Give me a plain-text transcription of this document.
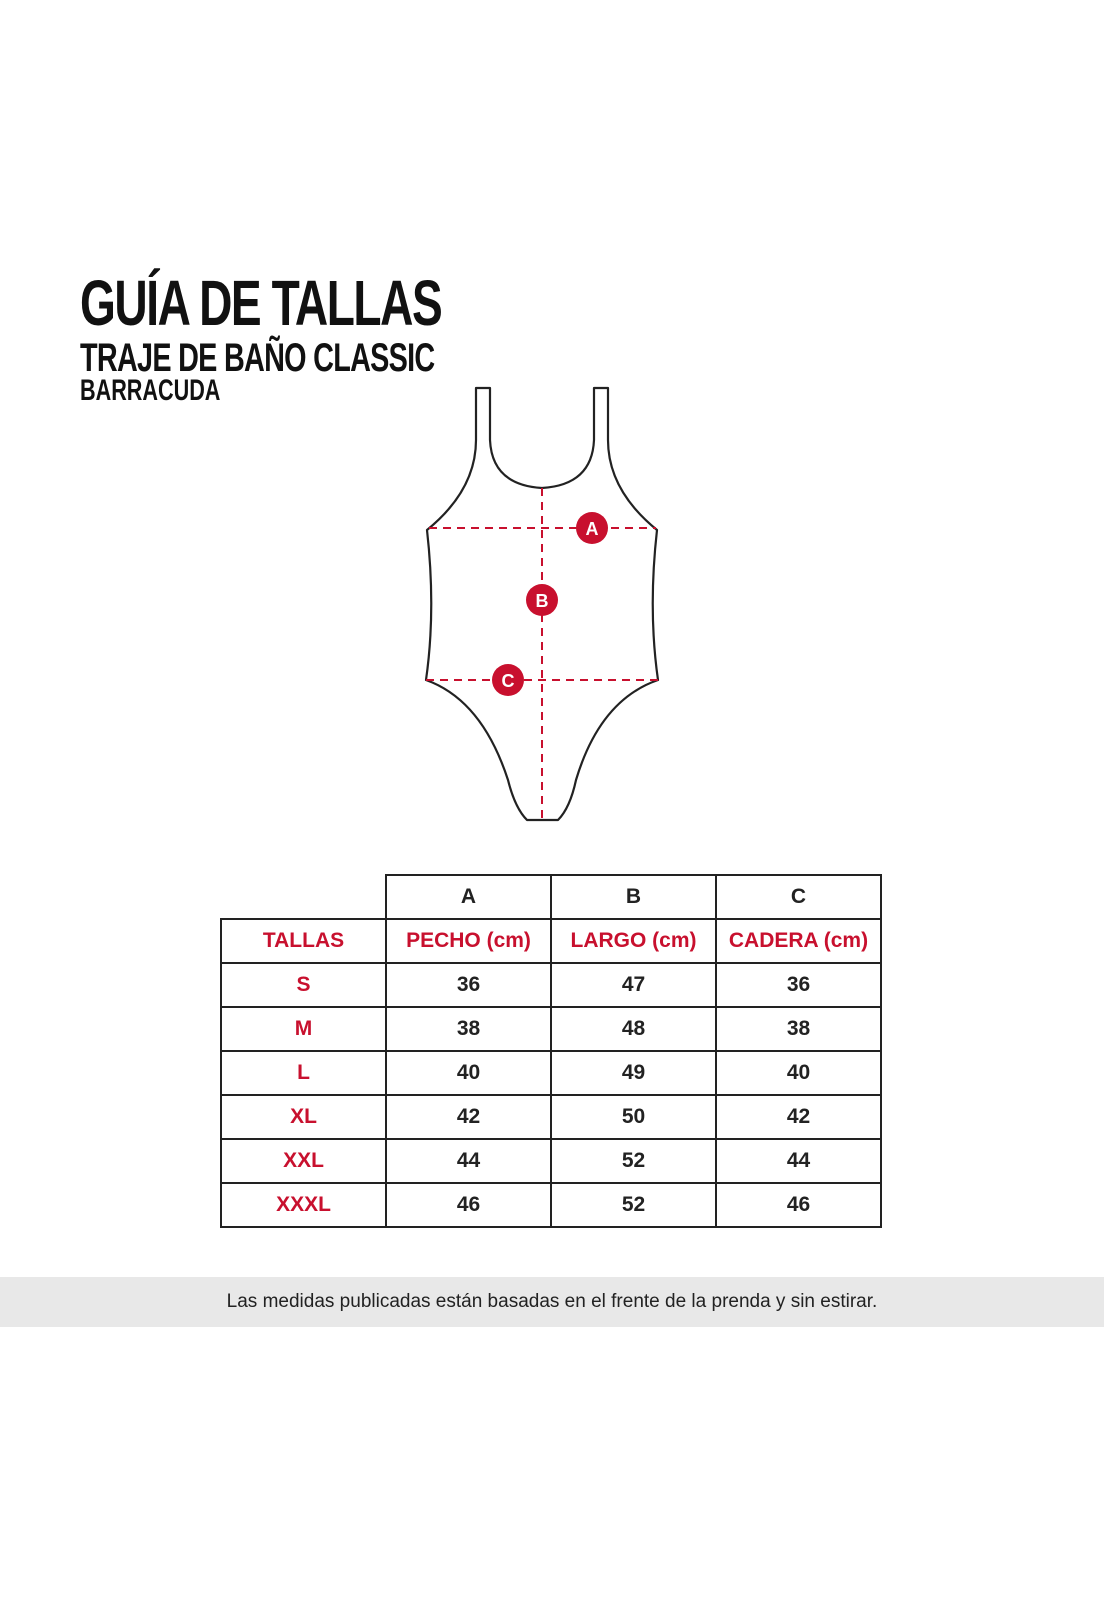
GUÍA DE TALLAS
TRAJE DE BAÑO CLASSIC
BARRACUDA
A
B
C
	A	B	C
TALLAS	PECHO (cm)	LARGO (cm)	CADERA (cm)
S	36	47	36
M	38	48	38
L	40	49	40
XL	42	50	42
XXL	44	52	44
XXXL	46	52	46
Las medidas publicadas están basadas en el frente de la prenda y sin estirar.
